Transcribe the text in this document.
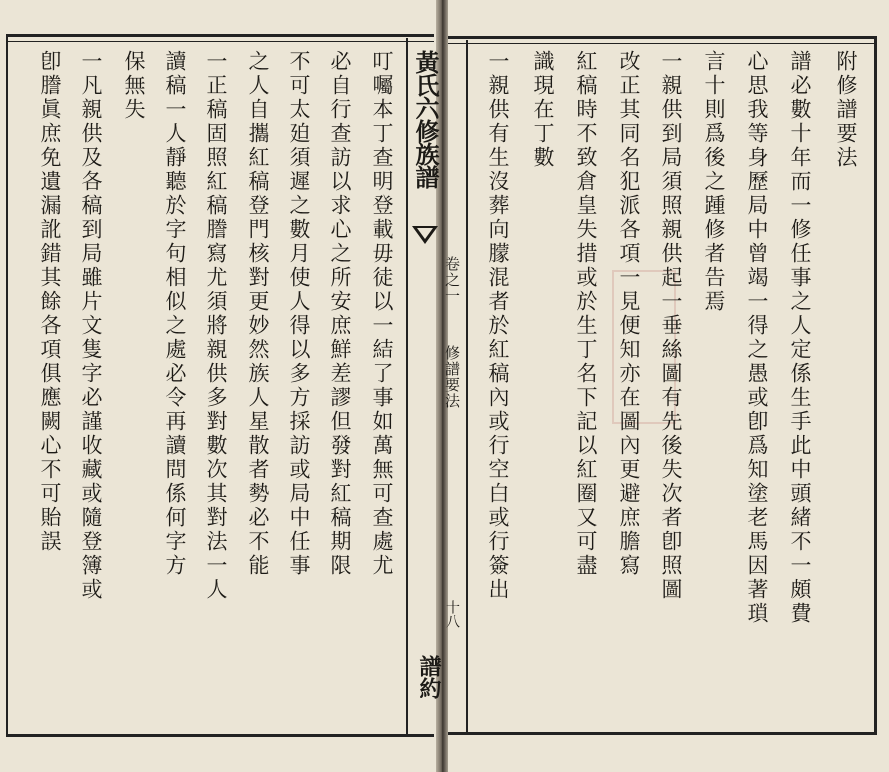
黃氏六修族譜
卷之一
修譜要法
十八
譜約
附修譜要法
譜必數十年而一修任事之人定係生手此中頭緒不一頗費
心思我等身歷局中曾竭一得之愚或卽爲知塗老馬因著瑣
言十則爲後之踵修者告焉
一親供到局須照親供起一垂絲圖有先後失次者卽照圖
改正其同名犯派各項一見便知亦在圖內更避庶膽寫
紅稿時不致倉皇失措或於生丁名下記以紅圈又可盡
識現在丁數
一親供有生沒葬向朦混者於紅稿內或行空白或行簽出
叮囑本丁查明登載毋徒以一結了事如萬無可查處尤
必自行查訪以求心之所安庶鮮差謬但發對紅稿期限
不可太廹須遲之數月使人得以多方採訪或局中任事
之人自攜紅稿登門核對更妙然族人星散者勢必不能
一正稿固照紅稿謄寫尤須將親供多對數次其對法一人
讀稿一人靜聽於字句相似之處必令再讀問係何字方
保無失
一凡親供及各稿到局雖片文隻字必謹收藏或隨登簿或
卽謄眞庶免遺漏訛錯其餘各項俱應闕心不可貽誤
